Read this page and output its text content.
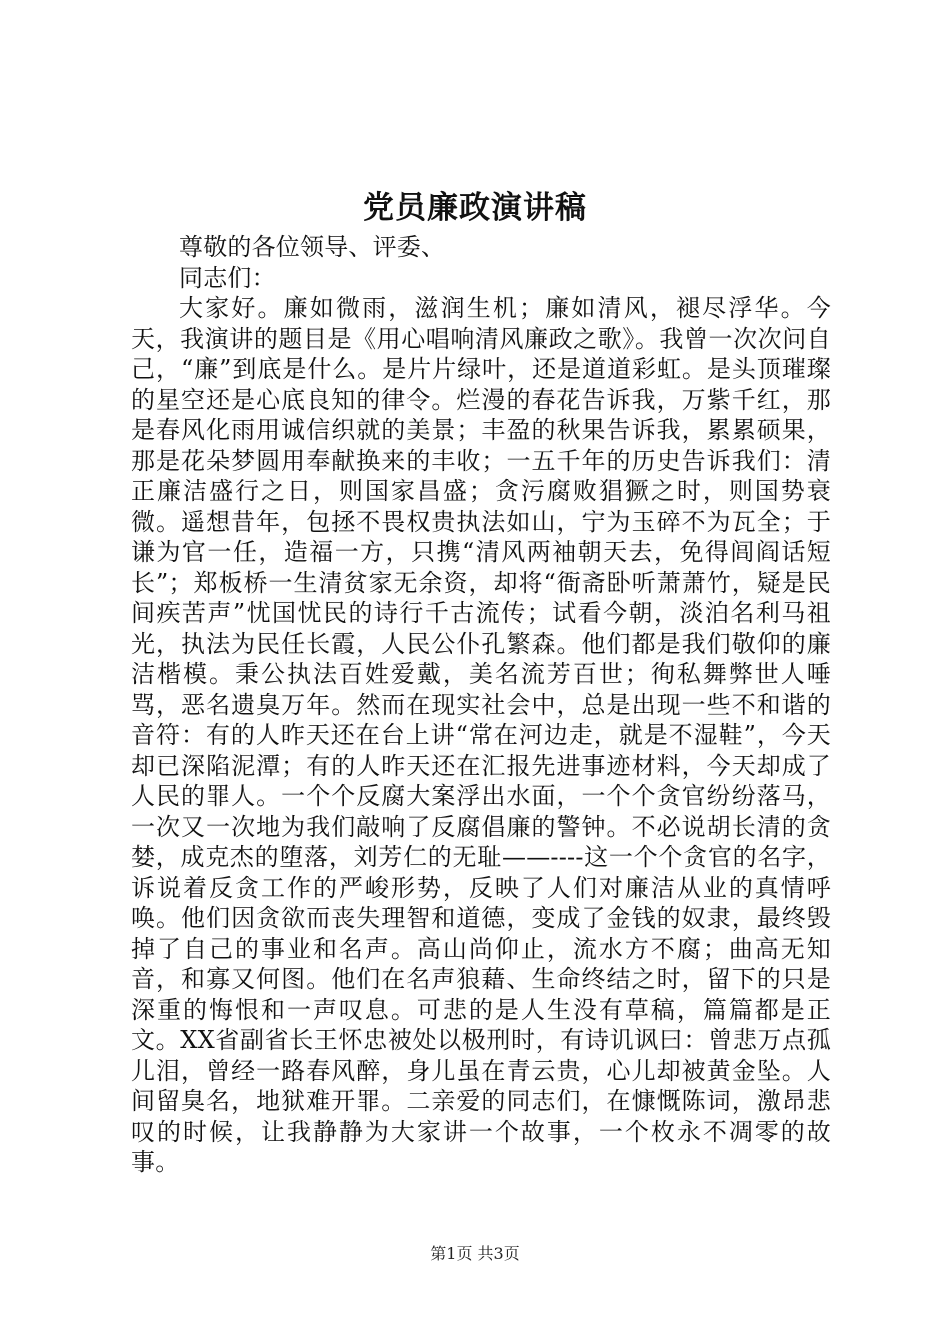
党员廉政演讲稿

尊敬的各位领导、评委、

同志们：

大家好。廉如微雨，滋润生机；廉如清风，褪尽浮华。今天，我演讲的题目是《用心唱响清风廉政之歌》。我曾一次次问自己，“廉”到底是什么。是片片绿叶，还是道道彩虹。是头顶璀璨的星空还是心底良知的律令。烂漫的春花告诉我，万紫千红，那是春风化雨用诚信织就的美景；丰盈的秋果告诉我，累累硕果，那是花朵梦圆用奉献换来的丰收；一五千年的历史告诉我们：清正廉洁盛行之日，则国家昌盛；贪污腐败猖獗之时，则国势衰微。遥想昔年，包拯不畏权贵执法如山，宁为玉碎不为瓦全；于谦为官一任，造福一方，只携“清风两袖朝天去，免得闾阎话短长”；郑板桥一生清贫家无余资，却将“衙斋卧听萧萧竹，疑是民间疾苦声”忧国忧民的诗行千古流传；试看今朝，淡泊名利马祖光，执法为民任长霞，人民公仆孔繁森。他们都是我们敬仰的廉洁楷模。秉公执法百姓爱戴，美名流芳百世；徇私舞弊世人唾骂，恶名遗臭万年。然而在现实社会中，总是出现一些不和谐的音符：有的人昨天还在台上讲“常在河边走，就是不湿鞋”，今天却已深陷泥潭；有的人昨天还在汇报先进事迹材料，今天却成了人民的罪人。一个个反腐大案浮出水面，一个个贪官纷纷落马，一次又一次地为我们敲响了反腐倡廉的警钟。不必说胡长清的贪婪，成克杰的堕落，刘芳仁的无耻——----这一个个贪官的名字，诉说着反贪工作的严峻形势，反映了人们对廉洁从业的真情呼唤。他们因贪欲而丧失理智和道德，变成了金钱的奴隶，最终毁掉了自己的事业和名声。高山尚仰止，流水方不腐；曲高无知音，和寡又何图。他们在名声狼藉、生命终结之时，留下的只是深重的悔恨和一声叹息。可悲的是人生没有草稿，篇篇都是正文。XX省副省长王怀忠被处以极刑时，有诗讥讽曰：曾悲万点孤儿泪，曾经一路春风醉，身儿虽在青云贵，心儿却被黄金坠。人间留臭名，地狱难开罪。二亲爱的同志们，在慷慨陈词，激昂悲叹的时候，让我静静为大家讲一个故事，一个枚永不凋零的故事。

第1页 共3页
